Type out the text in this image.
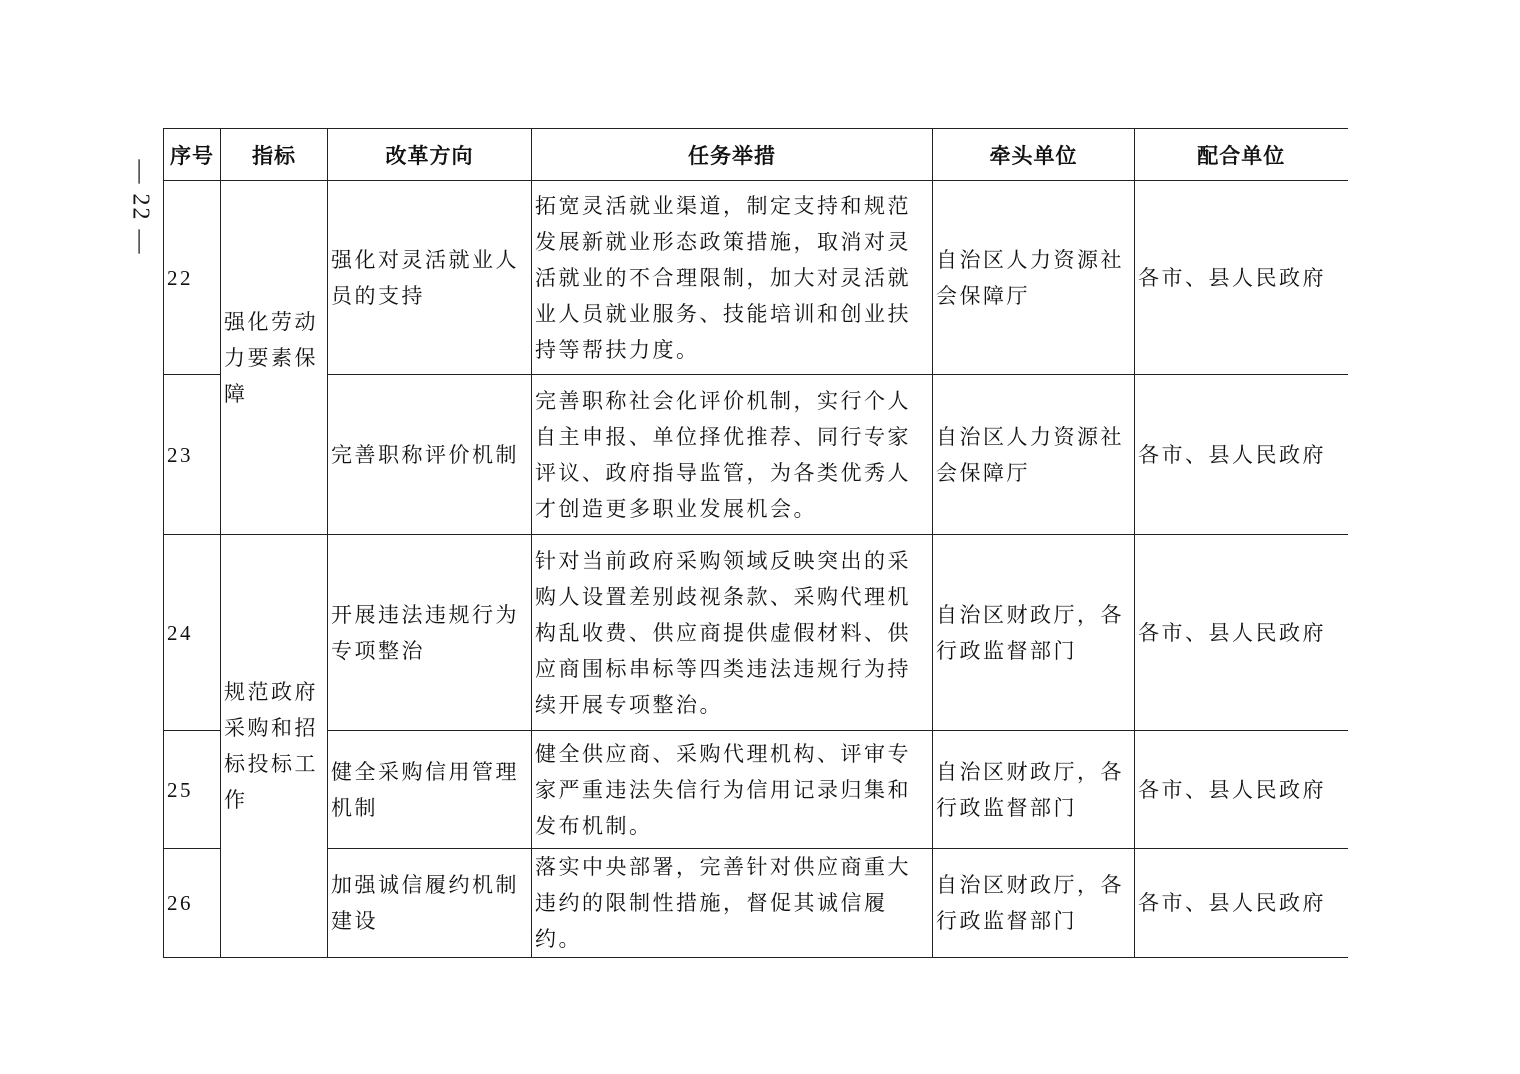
— 22 —
序号	指标	改革方向	任务举措	牵头单位	配合单位
22	强化劳动力要素保障	强化对灵活就业人员的支持	拓宽灵活就业渠道，制定支持和规范发展新就业形态政策措施，取消对灵活就业的不合理限制，加大对灵活就业人员就业服务、技能培训和创业扶持等帮扶力度。	自治区人力资源社会保障厅	各市、县人民政府
23		完善职称评价机制	完善职称社会化评价机制，实行个人自主申报、单位择优推荐、同行专家评议、政府指导监管，为各类优秀人才创造更多职业发展机会。	自治区人力资源社会保障厅	各市、县人民政府
24	规范政府采购和招标投标工作	开展违法违规行为专项整治	针对当前政府采购领域反映突出的采购人设置差别歧视条款、采购代理机构乱收费、供应商提供虚假材料、供应商围标串标等四类违法违规行为持续开展专项整治。	自治区财政厅，各行政监督部门	各市、县人民政府
25		健全采购信用管理机制	健全供应商、采购代理机构、评审专家严重违法失信行为信用记录归集和发布机制。	自治区财政厅，各行政监督部门	各市、县人民政府
26		加强诚信履约机制建设	落实中央部署，完善针对供应商重大违约的限制性措施，督促其诚信履约。	自治区财政厅，各行政监督部门	各市、县人民政府
